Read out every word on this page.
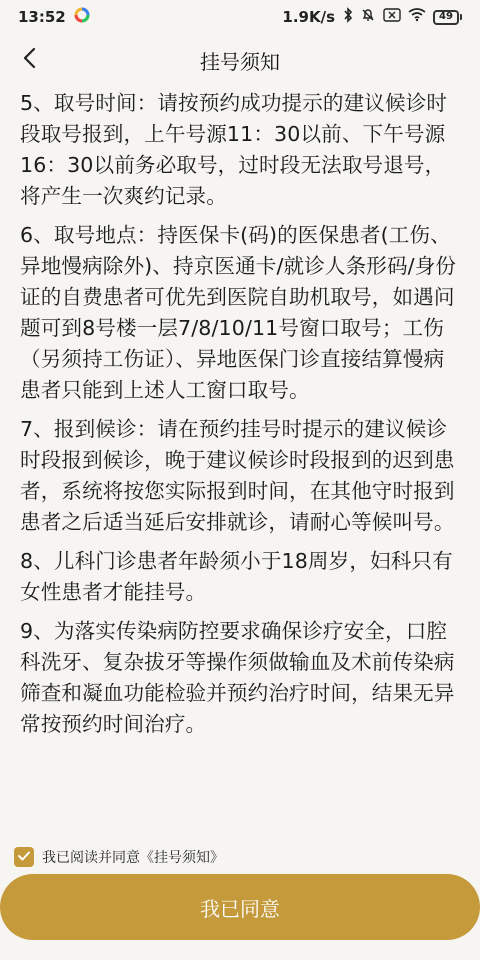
13:52	1.9K/s	49
挂号须知

5、取号时间：请按预约成功提示的建议候诊时段取号报到，上午号源11：30以前、下午号源16：30以前务必取号，过时段无法取号退号，将产生一次爽约记录。

6、取号地点：持医保卡(码)的医保患者(工伤、异地慢病除外)、持京医通卡/就诊人条形码/身份证的自费患者可优先到医院自助机取号，如遇问题可到8号楼一层7/8/10/11号窗口取号；工伤（另须持工伤证）、异地医保门诊直接结算慢病患者只能到上述人工窗口取号。

7、报到候诊：请在预约挂号时提示的建议候诊时段报到候诊，晚于建议候诊时段报到的迟到患者，系统将按您实际报到时间，在其他守时报到患者之后适当延后安排就诊，请耐心等候叫号。

8、儿科门诊患者年龄须小于18周岁，妇科只有女性患者才能挂号。

9、为落实传染病防控要求确保诊疗安全，口腔科洗牙、复杂拔牙等操作须做输血及术前传染病筛查和凝血功能检验并预约治疗时间，结果无异常按预约时间治疗。

我已阅读并同意《挂号须知》
我已同意
